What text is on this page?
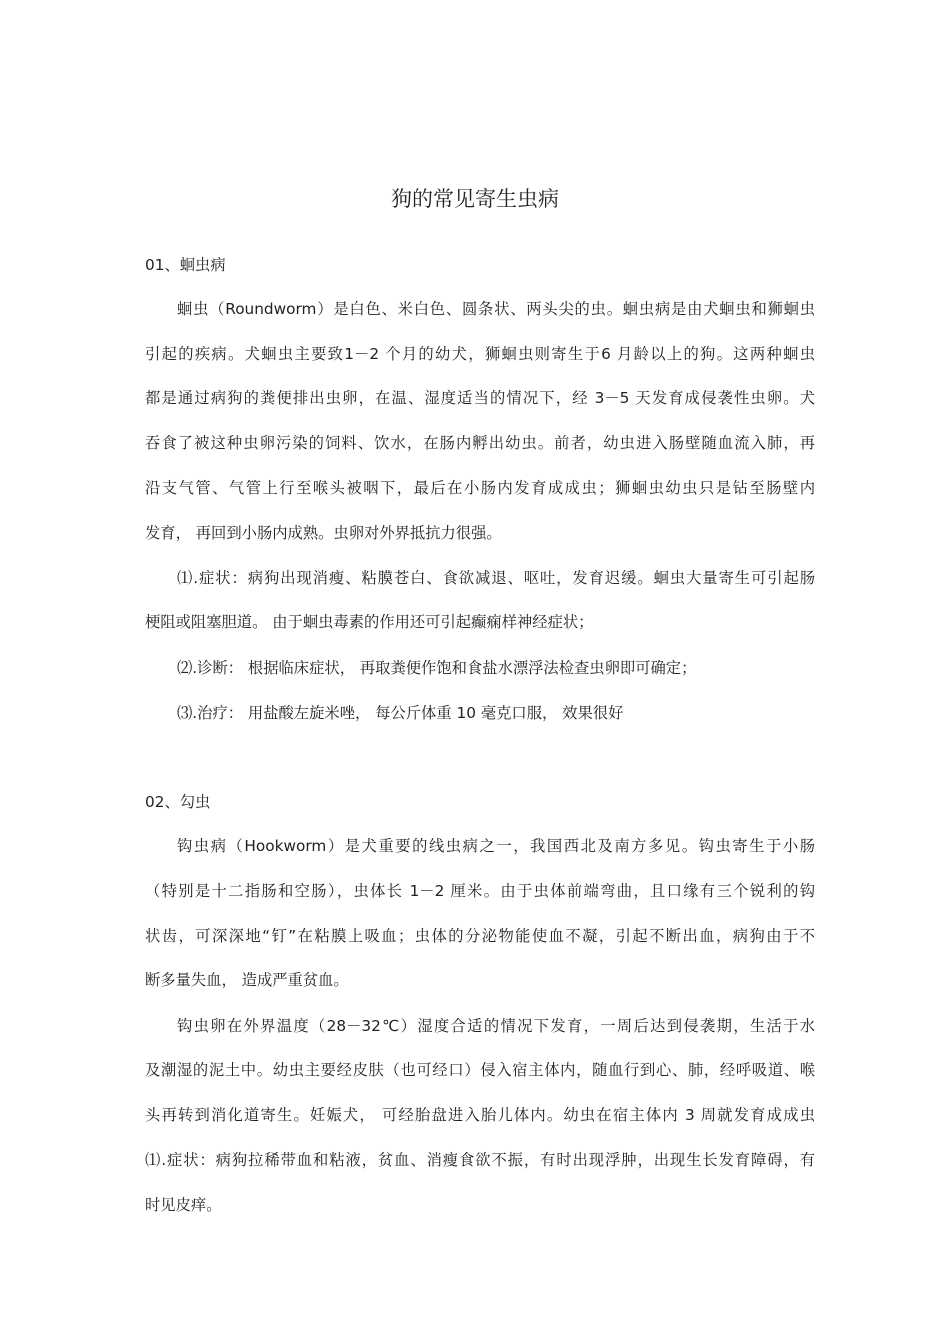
狗的常见寄生虫病
01、蛔虫病
蛔虫（Roundworm）是白色、米白色、圆条状、两头尖的虫。蛔虫病是由犬蛔虫和狮蛔虫
引起的疾病。犬蛔虫主要致1－2 个月的幼犬，狮蛔虫则寄生于6 月龄以上的狗。这两种蛔虫
都是通过病狗的粪便排出虫卵，在温、湿度适当的情况下，经 3－5 天发育成侵袭性虫卵。犬
吞食了被这种虫卵污染的饲料、饮水，在肠内孵出幼虫。前者，幼虫进入肠壁随血流入肺，再
沿支气管、气管上行至喉头被咽下，最后在小肠内发育成成虫；狮蛔虫幼虫只是钻至肠壁内
发育， 再回到小肠内成熟。虫卵对外界抵抗力很强。
⑴.症状：病狗出现消瘦、粘膜苍白、食欲减退、呕吐，发育迟缓。蛔虫大量寄生可引起肠
梗阻或阻塞胆道。 由于蛔虫毒素的作用还可引起癫痫样神经症状；
⑵.诊断： 根据临床症状， 再取粪便作饱和食盐水漂浮法检查虫卵即可确定；
⑶.治疗： 用盐酸左旋米唑， 每公斤体重 10 毫克口服， 效果很好
02、勾虫
钩虫病（Hookworm）是犬重要的线虫病之一，我国西北及南方多见。钩虫寄生于小肠
（特别是十二指肠和空肠），虫体长 1－2 厘米。由于虫体前端弯曲，且口缘有三个锐利的钩
状齿，可深深地“钉”在粘膜上吸血；虫体的分泌物能使血不凝，引起不断出血，病狗由于不
断多量失血， 造成严重贫血。
钩虫卵在外界温度（28－32℃）湿度合适的情况下发育，一周后达到侵袭期，生活于水
及潮湿的泥土中。幼虫主要经皮肤（也可经口）侵入宿主体内，随血行到心、肺，经呼吸道、喉
头再转到消化道寄生。妊娠犬， 可经胎盘进入胎儿体内。幼虫在宿主体内 3 周就发育成成虫
⑴.症状：病狗拉稀带血和粘液，贫血、消瘦食欲不振，有时出现浮肿，出现生长发育障碍，有
时见皮痒。
